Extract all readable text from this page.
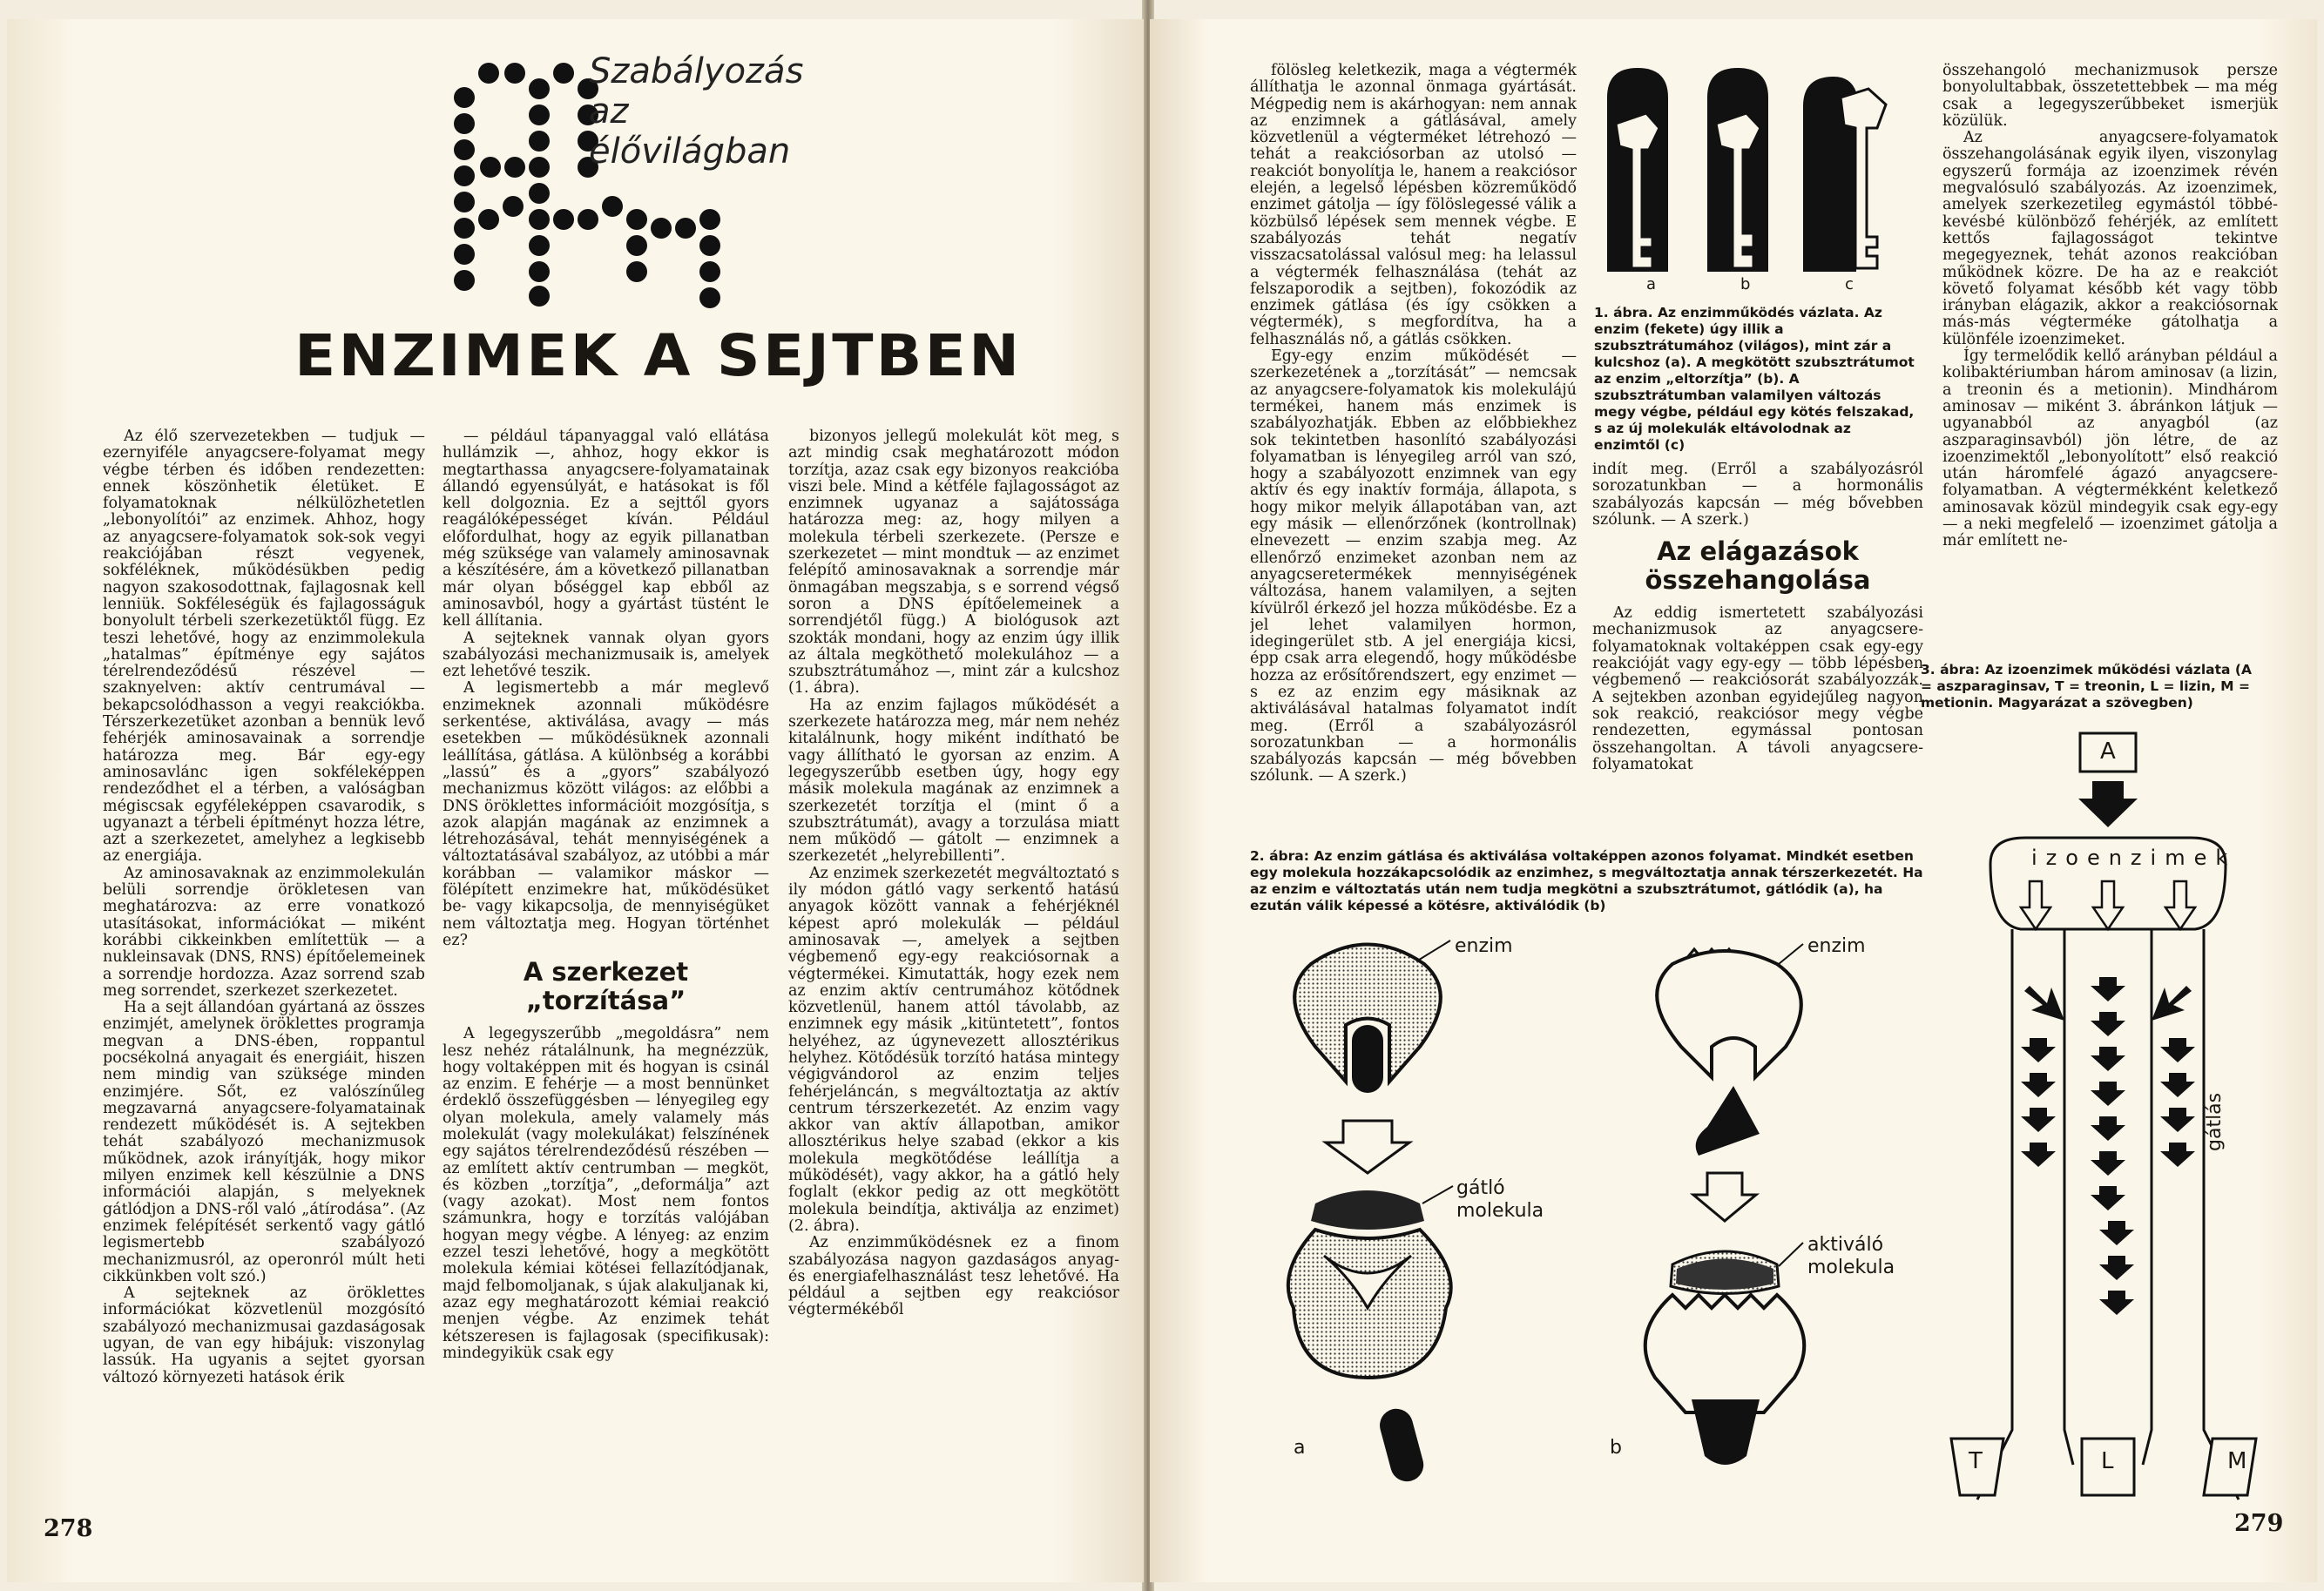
Szabályozás
az
élővilágban
ENZIMEK A SEJTBEN

Az élő szervezetekben — tudjuk — ezernyiféle anyagcsere-folyamat megy végbe térben és időben rendezetten: ennek köszönhetik életüket. E folyamatoknak nélkülözhetetlen „lebonyolítói” az enzimek. Ahhoz, hogy az anyagcsere-folyamatok sok-sok vegyi reakciójában részt vegyenek, sokféléknek, működésükben pedig nagyon szakosodottnak, fajlagosnak kell lenniük. Sokféleségük és fajlagosságuk bonyolult térbeli szerkezetüktől függ. Ez teszi lehetővé, hogy az enzimmolekula „hatalmas” építménye egy sajátos térelrendeződésű részével — szaknyelven: aktív centrumával — bekapcsolódhasson a vegyi reakciókba. Térszerkezetüket azonban a bennük levő fehérjék aminosavainak a sorrendje határozza meg. Bár egy-egy aminosavlánc igen sokféleképpen rendeződhet el a térben, a valóságban mégiscsak egyféleképpen csavarodik, s ugyanazt a térbeli építményt hozza létre, azt a szerkezetet, amelyhez a legkisebb az energiája.

Az aminosavaknak az enzimmolekulán belüli sorrendje örökletesen van meghatározva: az erre vonatkozó utasításokat, információkat — miként korábbi cikkeinkben említettük — a nukleinsavak (DNS, RNS) építőelemeinek a sorrendje hordozza. Azaz sorrend szab meg sorrendet, szerkezet szerkezetet.

Ha a sejt állandóan gyártaná az összes enzimjét, amelynek öröklettes programja megvan a DNS-ében, roppantul pocsékolná anyagait és energiáit, hiszen nem mindig van szüksége minden enzimjére. Sőt, ez valószínűleg megzavarná anyagcsere-folyamatainak rendezett működését is. A sejtekben tehát szabályozó mechanizmusok működnek, azok irányítják, hogy mikor milyen enzimek kell készülnie a DNS információi alapján, s melyeknek gátlódjon a DNS-ről való „átírodása”. (Az enzimek felépítését serkentő vagy gátló legismertebb szabályozó mechanizmusról, az operonról múlt heti cikkünkben volt szó.)

A sejteknek az öröklettes információkat közvetlenül mozgósító szabályozó mechanizmusai gazdaságosak ugyan, de van egy hibájuk: viszonylag lassúk. Ha ugyanis a sejtet gyorsan változó környezeti hatások érik

— például tápanyaggal való ellátása hullámzik —, ahhoz, hogy ekkor is megtarthassa anyagcsere-folyamatainak állandó egyensúlyát, e hatásokat is fől kell dolgoznia. Ez a sejttől gyors reagálóképességet kíván. Például előfordulhat, hogy az egyik pillanatban még szüksége van valamely aminosavnak a készítésére, ám a következő pillanatban már olyan bőséggel kap ebből az aminosavból, hogy a gyártást tüstént le kell állítania.

A sejteknek vannak olyan gyors szabályozási mechanizmusaik is, amelyek ezt lehetővé teszik.

A legismertebb a már meglevő enzimeknek azonnali működésre serkentése, aktiválása, avagy — más esetekben — működésüknek azonnali leállítása, gátlása. A különbség a korábbi „lassú” és a „gyors” szabályozó mechanizmus között világos: az előbbi a DNS öröklettes információit mozgósítja, s azok alapján magának az enzimnek a létrehozásával, tehát mennyiségének a változtatásával szabályoz, az utóbbi a már korábban — valamikor máskor — fölépített enzimekre hat, működésüket be- vagy kikapcsolja, de mennyiségüket nem változtatja meg. Hogyan történhet ez?

A szerkezet „torzítása”

A legegyszerűbb „megoldásra” nem lesz nehéz rátalálnunk, ha megnézzük, hogy voltaképpen mit és hogyan is csinál az enzim. E fehérje — a most bennünket érdeklő összefüggésben — lényegileg egy olyan molekula, amely valamely más molekulát (vagy molekulákat) felszínének egy sajátos térelrendeződésű részében — az említett aktív centrumban — megköt, és közben „torzítja”, „deformálja” azt (vagy azokat). Most nem fontos számunkra, hogy e torzítás valójában hogyan megy végbe. A lényeg: az enzim ezzel teszi lehetővé, hogy a megkötött molekula kémiai kötései fellazítódjanak, majd felbomoljanak, s újak alakuljanak ki, azaz egy meghatározott kémiai reakció menjen végbe. Az enzimek tehát kétszeresen is fajlagosak (specifikusak): mindegyikük csak egy

bizonyos jellegű molekulát köt meg, s azt mindig csak meghatározott módon torzítja, azaz csak egy bizonyos reakcióba viszi bele. Mind a kétféle fajlagosságot az enzimnek ugyanaz a sajátossága határozza meg: az, hogy milyen a molekula térbeli szerkezete. (Persze e szerkezetet — mint mondtuk — az enzimet felépítő aminosavaknak a sorrendje már önmagában megszabja, s e sorrend végső soron a DNS építőelemeinek a sorrendjétől függ.) A biológusok azt szokták mondani, hogy az enzim úgy illik az általa megköthető molekulához — a szubsztrátumához —, mint zár a kulcshoz (1. ábra).

Ha az enzim fajlagos működését a szerkezete határozza meg, már nem nehéz kitalálnunk, hogy miként indítható be vagy állítható le gyorsan az enzim. A legegyszerűbb esetben úgy, hogy egy másik molekula magának az enzimnek a szerkezetét torzítja el (mint ő a szubsztrátumát), avagy a torzulása miatt nem működő — gátolt — enzimnek a szerkezetét „helyrebillenti”.

Az enzimek szerkezetét megváltoztató s ily módon gátló vagy serkentő hatású anyagok között vannak a fehérjéknél képest apró molekulák — például aminosavak —, amelyek a sejtben végbemenő egy-egy reakciósornak a végtermékei. Kimutatták, hogy ezek nem az enzim aktív centrumához kötődnek közvetlenül, hanem attól távolabb, az enzimnek egy másik „kitüntetett”, fontos helyéhez, az úgynevezett allosztérikus helyhez. Kötődésük torzító hatása mintegy végigvándorol az enzim teljes fehérjeláncán, s megváltoztatja az aktív centrum térszerkezetét. Az enzim vagy akkor van aktív állapotban, amikor allosztérikus helye szabad (ekkor a kis molekula megkötődése leállítja a működését), vagy akkor, ha a gátló hely foglalt (ekkor pedig az ott megkötött molekula beindítja, aktiválja az enzimet) (2. ábra).

Az enzimműködésnek ez a finom szabályozása nagyon gazdaságos anyag- és energiafelhasználást tesz lehetővé. Ha például a sejtben egy reakciósor végtermékéből

278

fölösleg keletkezik, maga a végtermék állíthatja le azonnal önmaga gyártását. Mégpedig nem is akárhogyan: nem annak az enzimnek a gátlásával, amely közvetlenül a végterméket létrehozó — tehát a reakciósorban az utolsó — reakciót bonyolítja le, hanem a reakciósor elején, a legelső lépésben közreműködő enzimet gátolja — így fölöslegessé válik a közbülső lépések sem mennek végbe. E szabályozás tehát negatív visszacsatolással valósul meg: ha lelassul a végtermék felhasználása (tehát az felszaporodik a sejtben), fokozódik az enzimek gátlása (és így csökken a végtermék), s megfordítva, ha a felhasználás nő, a gátlás csökken.

Egy-egy enzim működését — szerkezetének a „torzítását” — nemcsak az anyagcsere-folyamatok kis molekulájú termékei, hanem más enzimek is szabályozhatják. Ebben az előbbiekhez sok tekintetben hasonlító szabályozási folyamatban is lényegileg arról van szó, hogy a szabályozott enzimnek van egy aktív és egy inaktív formája, állapota, s hogy mikor melyik állapotában van, azt egy másik — ellenőrzőnek (kontrollnak) elnevezett — enzim szabja meg. Az ellenőrző enzimeket azonban nem az anyagcseretermékek mennyiségének változása, hanem valamilyen, a sejten kívülről érkező jel hozza működésbe. Ez a jel lehet valamilyen hormon, idegingerület stb. A jel energiája kicsi, épp csak arra elegendő, hogy működésbe hozza az erősítőrendszert, egy enzimet — s ez az enzim egy másiknak az aktiválásával hatalmas folyamatot indít meg. (Erről a szabályozásról sorozatunkban — a hormonális szabályozás kapcsán — még bővebben szólunk. — A szerk.)

a	b	c
1. ábra. Az enzimműködés vázlata. Az enzim (fekete) úgy illik a szubsztrátumához (világos), mint zár a kulcshoz (a). A megkötött szubsztrátumot az enzim „eltorzítja” (b). A szubsztrátumban valamilyen változás megy végbe, például egy kötés felszakad, s az új molekulák eltávolodnak az enzimtől (c)

indít meg. (Erről a szabályozásról sorozatunkban — a hormonális szabályozás kapcsán — még bővebben szólunk. — A szerk.)

Az elágazások összehangolása

Az eddig ismertetett szabályozási mechanizmusok az anyagcsere-folyamatoknak voltaképpen csak egy-egy reakcióját vagy egy-egy — több lépésben végbemenő — reakciósorát szabályozzák. A sejtekben azonban egyidejűleg nagyon sok reakció, reakciósor megy végbe rendezetten, egymással pontosan összehangoltan. A távoli anyagcsere-folyamatokat

összehangoló mechanizmusok persze bonyolultabbak, összetettebbek — ma még csak a legegyszerűbbeket ismerjük közülük.

Az anyagcsere-folyamatok összehangolásának egyik ilyen, viszonylag egyszerű formája az izoenzimek révén megvalósuló szabályozás. Az izoenzimek, amelyek szerkezetileg egymástól többé-kevésbé különböző fehérjék, az említett kettős fajlagosságot tekintve megegyeznek, tehát azonos reakcióban működnek közre. De ha az e reakciót követő folyamat később két vagy több irányban elágazik, akkor a reakciósornak más-más végterméke gátolhatja a különféle izoenzimeket.

Így termelődik kellő arányban például a kolibaktériumban három aminosav (a lizin, a treonin és a metionin). Mindhárom aminosav — miként 3. ábránkon látjuk — ugyanabból az anyagból (az aszparaginsavból) jön létre, de az izoenzimektől „lebonyolított” első reakció után háromfelé ágazó anyagcsere-folyamatban. A végtermékként keletkező aminosavak közül mindegyik csak egy-egy — a neki megfelelő — izoenzimet gátolja a már említett ne-

2. ábra: Az enzim gátlása és aktiválása voltaképpen azonos folyamat. Mindkét esetben egy molekula hozzákapcsolódik az enzimhez, s megváltoztatja annak térszerkezetét. Ha az enzim e változtatás után nem tudja megkötni a szubsztrátumot, gátlódik (a), ha ezután válik képessé a kötésre, aktiválódik (b)
enzim	enzim
gátló
molekula
aktiváló
molekula
a	b
3. ábra: Az izoenzimek működési vázlata (A = aszparaginsav, T = treonin, L = lizin, M = metionin. Magyarázat a szövegben)
A
izoenzimek
gátlás
T	L	M
279
